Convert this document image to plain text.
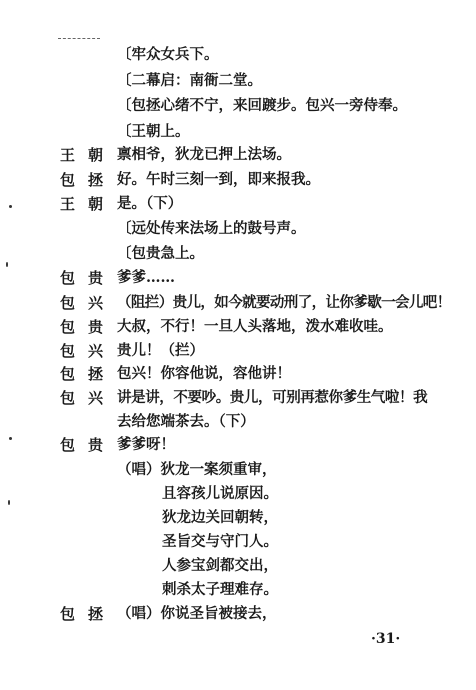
〔牢众女兵下。
〔二幕启：南衙二堂。
〔包拯心绪不宁，来回踱步。包兴一旁侍奉。
〔王朝上。
王朝 禀相爷，狄龙已押上法场。
包拯 好。午时三刻一到，即来报我。
王朝 是。（下）
〔远处传来法场上的鼓号声。
〔包贵急上。
包贵 爹爹……
包兴 （阻拦）贵儿，如今就要动刑了，让你爹歇一会儿吧！
包贵 大叔，不行！一旦人头落地，泼水难收哇。
包兴 贵儿！（拦）
包拯 包兴！你容他说，容他讲！
包兴 讲是讲，不要吵。贵儿，可别再惹你爹生气啦！我
去给您端茶去。（下）
包贵 爹爹呀！
（唱）狄龙一案须重审，
且容孩儿说原因。
狄龙边关回朝转，
圣旨交与守门人。
人参宝剑都交出，
刺杀太子理难存。
包拯 （唱）你说圣旨被接去，
·31·
